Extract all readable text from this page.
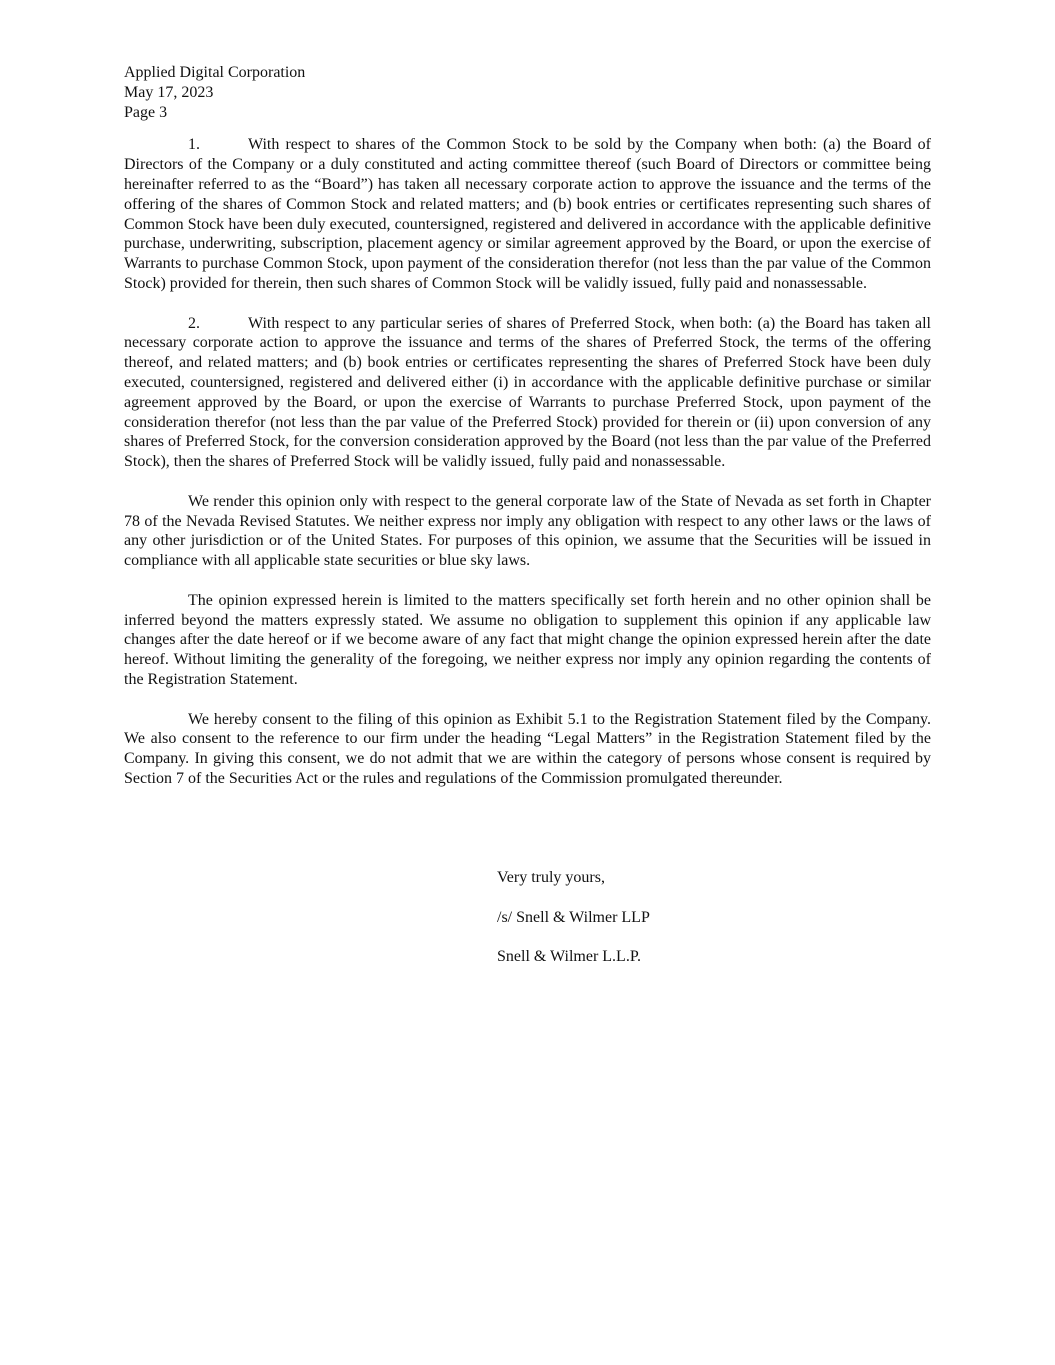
Applied Digital Corporation
May 17, 2023
Page 3

1.	With respect to shares of the Common Stock to be sold by the Company when both: (a) the Board of Directors of the Company or a duly constituted and acting committee thereof (such Board of Directors or committee being hereinafter referred to as the “Board”) has taken all necessary corporate action to approve the issuance and the terms of the offering of the shares of Common Stock and related matters; and (b) book entries or certificates representing such shares of Common Stock have been duly executed, countersigned, registered and delivered in accordance with the applicable definitive purchase, underwriting, subscription, placement agency or similar agreement approved by the Board, or upon the exercise of Warrants to purchase Common Stock, upon payment of the consideration therefor (not less than the par value of the Common Stock) provided for therein, then such shares of Common Stock will be validly issued, fully paid and nonassessable.

2.	With respect to any particular series of shares of Preferred Stock, when both: (a) the Board has taken all necessary corporate action to approve the issuance and terms of the shares of Preferred Stock, the terms of the offering thereof, and related matters; and (b) book entries or certificates representing the shares of Preferred Stock have been duly executed, countersigned, registered and delivered either (i) in accordance with the applicable definitive purchase or similar agreement approved by the Board, or upon the exercise of Warrants to purchase Preferred Stock, upon payment of the consideration therefor (not less than the par value of the Preferred Stock) provided for therein or (ii) upon conversion of any shares of Preferred Stock, for the conversion consideration approved by the Board (not less than the par value of the Preferred Stock), then the shares of Preferred Stock will be validly issued, fully paid and nonassessable.

We render this opinion only with respect to the general corporate law of the State of Nevada as set forth in Chapter 78 of the Nevada Revised Statutes. We neither express nor imply any obligation with respect to any other laws or the laws of any other jurisdiction or of the United States. For purposes of this opinion, we assume that the Securities will be issued in compliance with all applicable state securities or blue sky laws.

The opinion expressed herein is limited to the matters specifically set forth herein and no other opinion shall be inferred beyond the matters expressly stated. We assume no obligation to supplement this opinion if any applicable law changes after the date hereof or if we become aware of any fact that might change the opinion expressed herein after the date hereof. Without limiting the generality of the foregoing, we neither express nor imply any opinion regarding the contents of the Registration Statement.

We hereby consent to the filing of this opinion as Exhibit 5.1 to the Registration Statement filed by the Company. We also consent to the reference to our firm under the heading “Legal Matters” in the Registration Statement filed by the Company. In giving this consent, we do not admit that we are within the category of persons whose consent is required by Section 7 of the Securities Act or the rules and regulations of the Commission promulgated thereunder.

Very truly yours,
/s/ Snell & Wilmer LLP
Snell & Wilmer L.L.P.
